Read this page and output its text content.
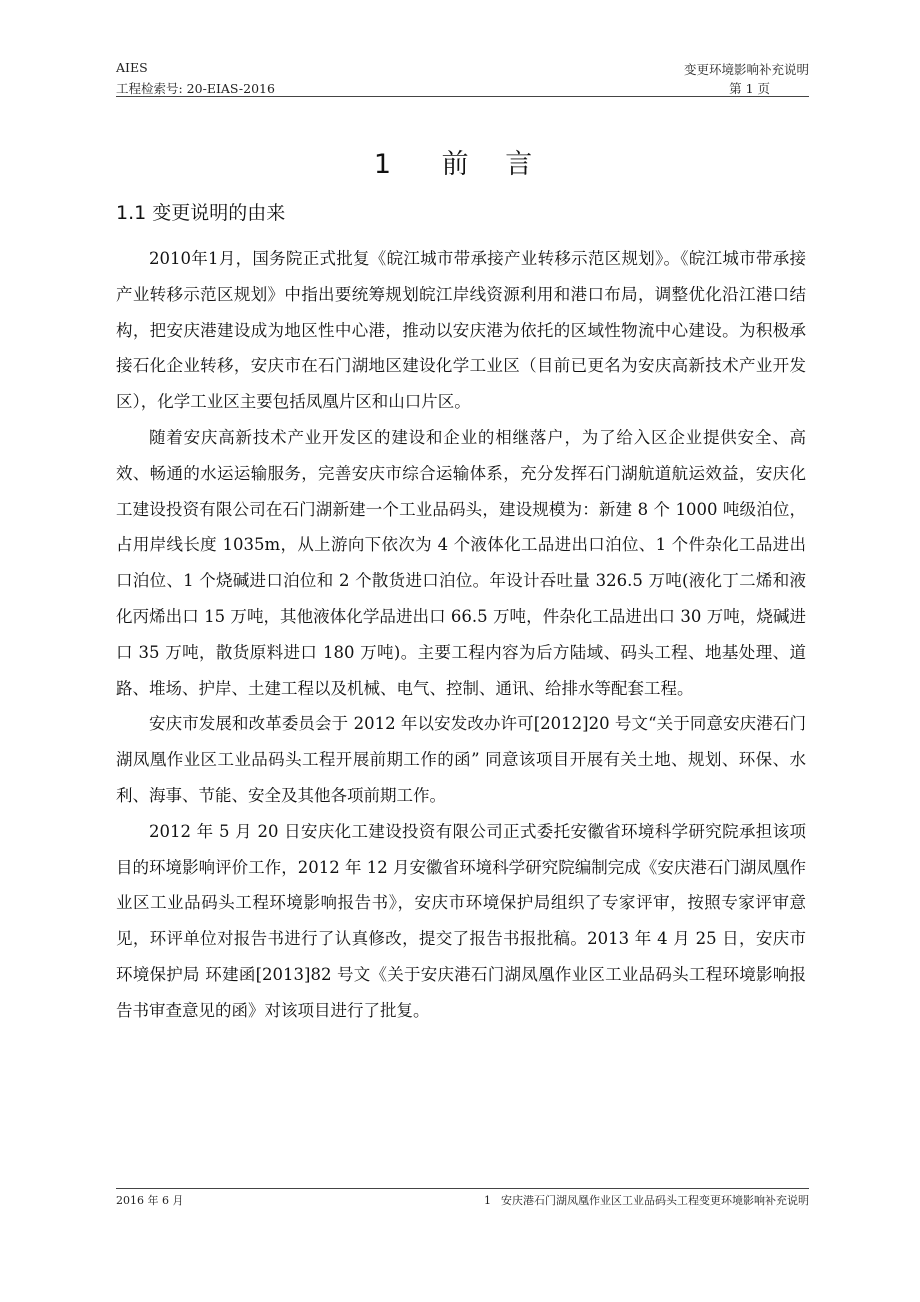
AIES
工程检索号: 20-EIAS-2016
变更环境影响补充说明
第 1 页
1 前 言
1.1 变更说明的由来

2010年1月，国务院正式批复《皖江城市带承接产业转移示范区规划》。《皖江城市带承接产业转移示范区规划》中指出要统筹规划皖江岸线资源利用和港口布局，调整优化沿江港口结构，把安庆港建设成为地区性中心港，推动以安庆港为依托的区域性物流中心建设。为积极承接石化企业转移，安庆市在石门湖地区建设化学工业区（目前已更名为安庆高新技术产业开发区），化学工业区主要包括凤凰片区和山口片区。

随着安庆高新技术产业开发区的建设和企业的相继落户，为了给入区企业提供安全、高效、畅通的水运运输服务，完善安庆市综合运输体系，充分发挥石门湖航道航运效益，安庆化工建设投资有限公司在石门湖新建一个工业品码头，建设规模为：新建 8 个 1000 吨级泊位，占用岸线长度 1035m，从上游向下依次为 4 个液体化工品进出口泊位、1 个件杂化工品进出口泊位、1 个烧碱进口泊位和 2 个散货进口泊位。年设计吞吐量 326.5 万吨(液化丁二烯和液化丙烯出口 15 万吨，其他液体化学品进出口 66.5 万吨，件杂化工品进出口 30 万吨，烧碱进口 35 万吨，散货原料进口 180 万吨)。主要工程内容为后方陆域、码头工程、地基处理、道路、堆场、护岸、土建工程以及机械、电气、控制、通讯、给排水等配套工程。

安庆市发展和改革委员会于 2012 年以安发改办许可[2012]20 号文“关于同意安庆港石门湖凤凰作业区工业品码头工程开展前期工作的函” 同意该项目开展有关土地、规划、环保、水利、海事、节能、安全及其他各项前期工作。

2012 年 5 月 20 日安庆化工建设投资有限公司正式委托安徽省环境科学研究院承担该项目的环境影响评价工作，2012 年 12 月安徽省环境科学研究院编制完成《安庆港石门湖凤凰作业区工业品码头工程环境影响报告书》，安庆市环境保护局组织了专家评审，按照专家评审意见，环评单位对报告书进行了认真修改，提交了报告书报批稿。2013 年 4 月 25 日，安庆市环境保护局 环建函[2013]82 号文《关于安庆港石门湖凤凰作业区工业品码头工程环境影响报告书审查意见的函》对该项目进行了批复。

2016 年 6 月	1 安庆港石门湖凤凰作业区工业品码头工程变更环境影响补充说明
